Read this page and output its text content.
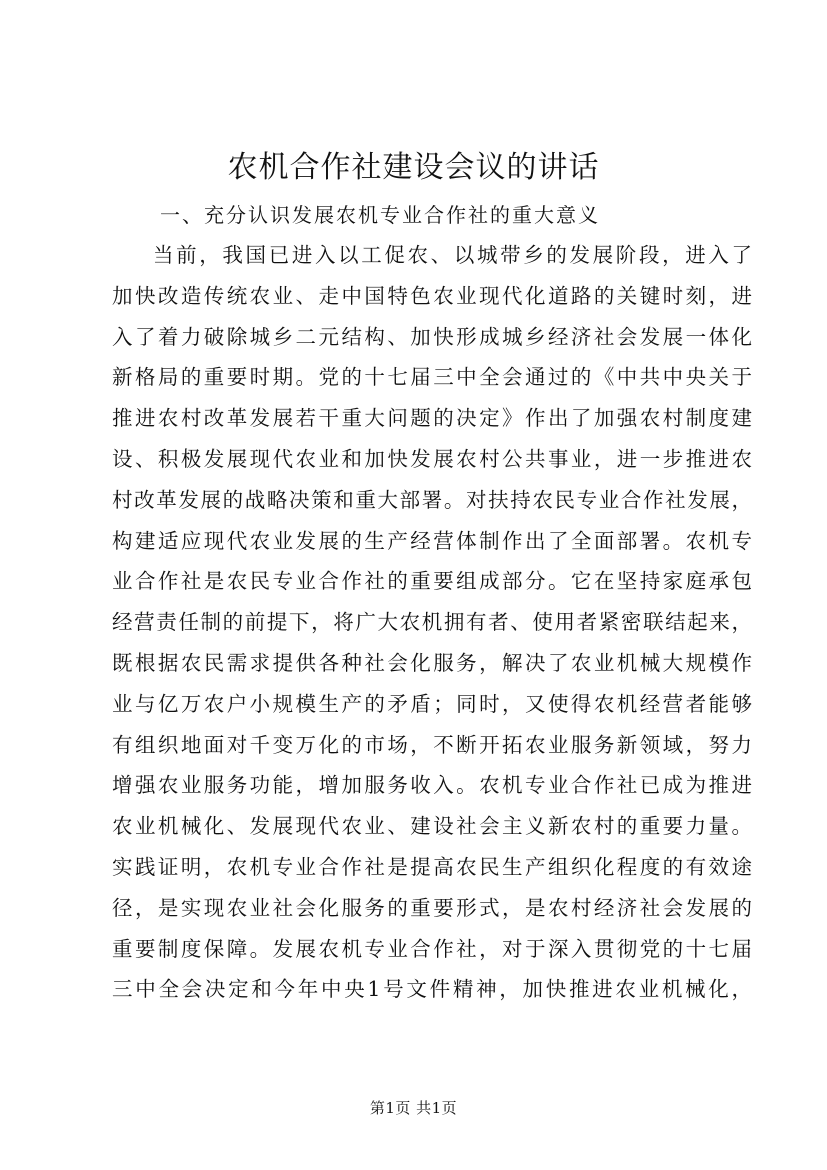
农机合作社建设会议的讲话

一、充分认识发展农机专业合作社的重大意义

当前，我国已进入以工促农、以城带乡的发展阶段，进入了
加快改造传统农业、走中国特色农业现代化道路的关键时刻，进
入了着力破除城乡二元结构、加快形成城乡经济社会发展一体化
新格局的重要时期。党的十七届三中全会通过的《中共中央关于
推进农村改革发展若干重大问题的决定》作出了加强农村制度建
设、积极发展现代农业和加快发展农村公共事业，进一步推进农
村改革发展的战略决策和重大部署。对扶持农民专业合作社发展，
构建适应现代农业发展的生产经营体制作出了全面部署。农机专
业合作社是农民专业合作社的重要组成部分。它在坚持家庭承包
经营责任制的前提下，将广大农机拥有者、使用者紧密联结起来，
既根据农民需求提供各种社会化服务，解决了农业机械大规模作
业与亿万农户小规模生产的矛盾；同时，又使得农机经营者能够
有组织地面对千变万化的市场，不断开拓农业服务新领域，努力
增强农业服务功能，增加服务收入。农机专业合作社已成为推进
农业机械化、发展现代农业、建设社会主义新农村的重要力量。
实践证明，农机专业合作社是提高农民生产组织化程度的有效途
径，是实现农业社会化服务的重要形式，是农村经济社会发展的
重要制度保障。发展农机专业合作社，对于深入贯彻党的十七届
三中全会决定和今年中央1号文件精神，加快推进农业机械化，
第1页 共1页
